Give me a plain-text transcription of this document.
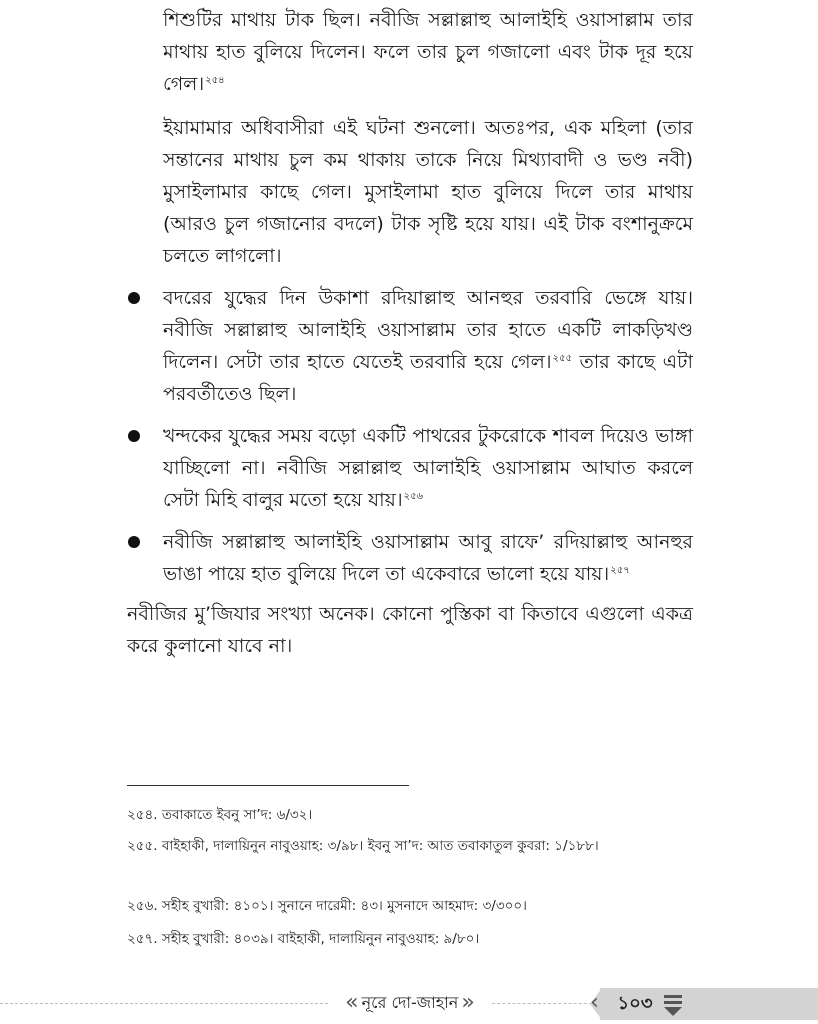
শিশুটির মাথায় টাক ছিল। নবীজি সল্লাল্লাহু আলাইহি ওয়াসাল্লাম তার মাথায় হাত বুলিয়ে দিলেন। ফলে তার চুল গজালো এবং টাক দূর হয়ে গেল।$^{২৫৪}$

ইয়ামামার অধিবাসীরা এই ঘটনা শুনলো। অতঃপর, এক মহিলা (তার সন্তানের মাথায় চুল কম থাকায় তাকে নিয়ে মিথ্যাবাদী ও ভণ্ড নবী) মুসাইলামার কাছে গেল। মুসাইলামা হাত বুলিয়ে দিলে তার মাথায় (আরও চুল গজানোর বদলে) টাক সৃষ্টি হয়ে যায়। এই টাক বংশানুক্রমে চলতে লাগলো।

বদরের যুদ্ধের দিন উকাশা রদিয়াল্লাহু আনহুর তরবারি ভেঙ্গে যায়। নবীজি সল্লাল্লাহু আলাইহি ওয়াসাল্লাম তার হাতে একটি লাকড়িখণ্ড দিলেন। সেটা তার হাতে যেতেই তরবারি হয়ে গেল।$^{২৫৫}$ তার কাছে এটা পরবর্তীতেও ছিল।

খন্দকের যুদ্ধের সময় বড়ো একটি পাথরের টুকরোকে শাবল দিয়েও ভাঙ্গা যাচ্ছিলো না। নবীজি সল্লাল্লাহু আলাইহি ওয়াসাল্লাম আঘাত করলে সেটা মিহি বালুর মতো হয়ে যায়।$^{২৫৬}$

নবীজি সল্লাল্লাহু আলাইহি ওয়াসাল্লাম আবু রাফে’ রদিয়াল্লাহু আনহুর ভাঙা পায়ে হাত বুলিয়ে দিলে তা একেবারে ভালো হয়ে যায়।$^{২৫৭}$

নবীজির মু’জিযার সংখ্যা অনেক। কোনো পুস্তিকা বা কিতাবে এগুলো একত্র করে কুলানো যাবে না।

২৫৪. তবাকাতে ইবনু সা’দ: ৬/৩২।

২৫৫. বাইহাকী, দালায়িনুন নাবুওয়াহ: ৩/৯৮। ইবনু সা’দ: আত তবাকাতুল কুবরা: ১/১৮৮।

২৫৬. সহীহ বুখারী: ৪১০১। সুনানে দারেমী: ৪৩। মুসনাদে আহমাদ: ৩/৩০০।

২৫৭. সহীহ বুখারী: ৪০৩৯। বাইহাকী, দালায়িনুন নাবুওয়াহ: ৯/৮০।

« নূরে দো-জাহান »	‹	১০৩
